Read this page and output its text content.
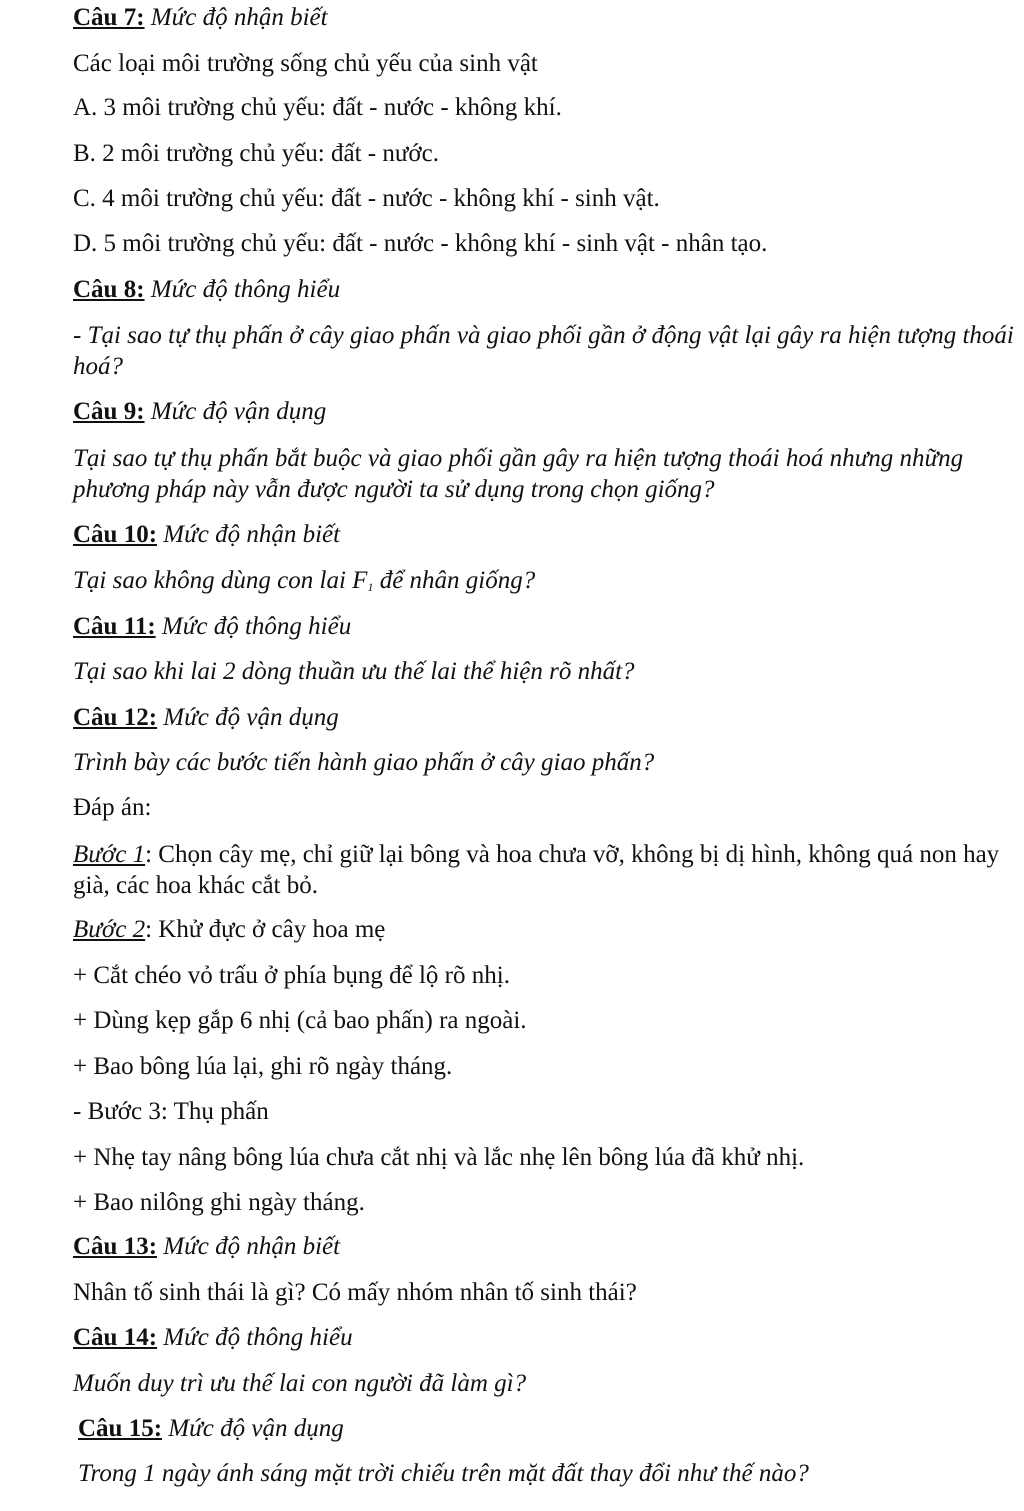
Câu 7: Mức độ nhận biết
Các loại môi trường sống chủ yếu của sinh vật
A. 3 môi trường chủ yếu: đất - nước - không khí.
B. 2 môi trường chủ yếu: đất - nước.
C. 4 môi trường chủ yếu: đất - nước - không khí - sinh vật.
D. 5 môi trường chủ yếu: đất - nước - không khí - sinh vật - nhân tạo.
Câu 8: Mức độ thông hiểu
- Tại sao tự thụ phấn ở cây giao phấn và giao phối gần ở động vật lại gây ra hiện tượng thoái hoá?
Câu 9: Mức độ vận dụng
Tại sao tự thụ phấn bắt buộc và giao phối gần gây ra hiện tượng thoái hoá nhưng những phương pháp này vẫn được người ta sử dụng trong chọn giống?
Câu 10: Mức độ nhận biết
Tại sao không dùng con lai $F_1$ để nhân giống?
Câu 11: Mức độ thông hiểu
Tại sao khi lai 2 dòng thuần ưu thế lai thể hiện rõ nhất?
Câu 12: Mức độ vận dụng
Trình bày các bước tiến hành giao phấn ở cây giao phấn?
Đáp án:
Bước 1: Chọn cây mẹ, chỉ giữ lại bông và hoa chưa vỡ, không bị dị hình, không quá non hay già, các hoa khác cắt bỏ.
Bước 2: Khử đực ở cây hoa mẹ
+ Cắt chéo vỏ trấu ở phía bụng để lộ rõ nhị.
+ Dùng kẹp gắp 6 nhị (cả bao phấn) ra ngoài.
+ Bao bông lúa lại, ghi rõ ngày tháng.
- Bước 3: Thụ phấn
+ Nhẹ tay nâng bông lúa chưa cắt nhị và lắc nhẹ lên bông lúa đã khử nhị.
+ Bao nilông ghi ngày tháng.
Câu 13: Mức độ nhận biết
Nhân tố sinh thái là gì? Có mấy nhóm nhân tố sinh thái?
Câu 14: Mức độ thông hiểu
Muốn duy trì ưu thế lai con người đã làm gì?
Câu 15: Mức độ vận dụng
Trong 1 ngày ánh sáng mặt trời chiếu trên mặt đất thay đổi như thế nào?
